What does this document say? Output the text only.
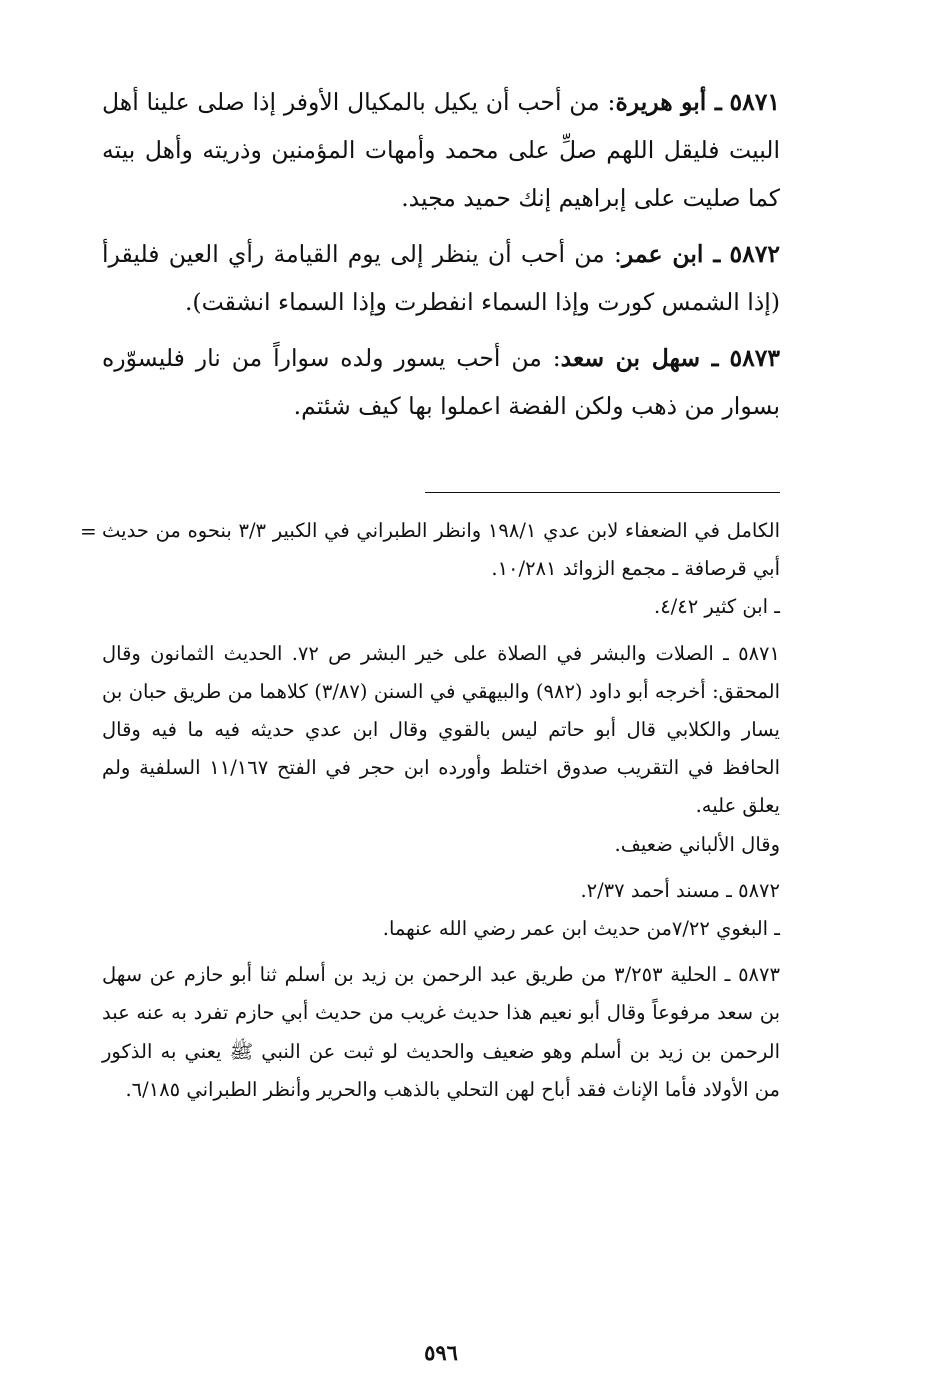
٥٨٧١ ـ أبو هريرة: من أحب أن يكيل بالمكيال الأوفر إذا صلى علينا أهل البيت فليقل اللهم صلِّ على محمد وأمهات المؤمنين وذريته وأهل بيته كما صليت على إبراهيم إنك حميد مجيد.

٥٨٧٢ ـ ابن عمر: من أحب أن ينظر إلى يوم القيامة رأي العين فليقرأ (إذا الشمس كورت وإذا السماء انفطرت وإذا السماء انشقت).

٥٨٧٣ ـ سهل بن سعد: من أحب يسور ولده سواراً من نار فليسوّره بسوار من ذهب ولكن الفضة اعملوا بها كيف شئتم.

= الكامل في الضعفاء لابن عدي ١٩٨/١ وانظر الطبراني في الكبير ٣/٣ بنحوه من حديث أبي قرصافة ـ مجمع الزوائد ١٠/٢٨١.
ـ ابن كثير ٤/٤٢.
٥٨٧١ ـ الصلات والبشر في الصلاة على خير البشر ص ٧٢. الحديث الثمانون وقال المحقق: أخرجه أبو داود (٩٨٢) والبيهقي في السنن (٣/٨٧) كلاهما من طريق حبان بن يسار والكلابي قال أبو حاتم ليس بالقوي وقال ابن عدي حديثه فيه ما فيه وقال الحافظ في التقريب صدوق اختلط وأورده ابن حجر في الفتح ١١/١٦٧ السلفية ولم يعلق عليه.
وقال الألباني ضعيف.
٥٨٧٢ ـ مسند أحمد ٢/٣٧.
ـ البغوي ٧/٢٢من حديث ابن عمر رضي الله عنهما.
٥٨٧٣ ـ الحلية ٣/٢٥٣ من طريق عبد الرحمن بن زيد بن أسلم ثنا أبو حازم عن سهل بن سعد مرفوعاً وقال أبو نعيم هذا حديث غريب من حديث أبي حازم تفرد به عنه عبد الرحمن بن زيد بن أسلم وهو ضعيف والحديث لو ثبت عن النبي ﷺ يعني به الذكور من الأولاد فأما الإناث فقد أباح لهن التحلي بالذهب والحرير وأنظر الطبراني ٦/١٨٥.
٥٩٦
